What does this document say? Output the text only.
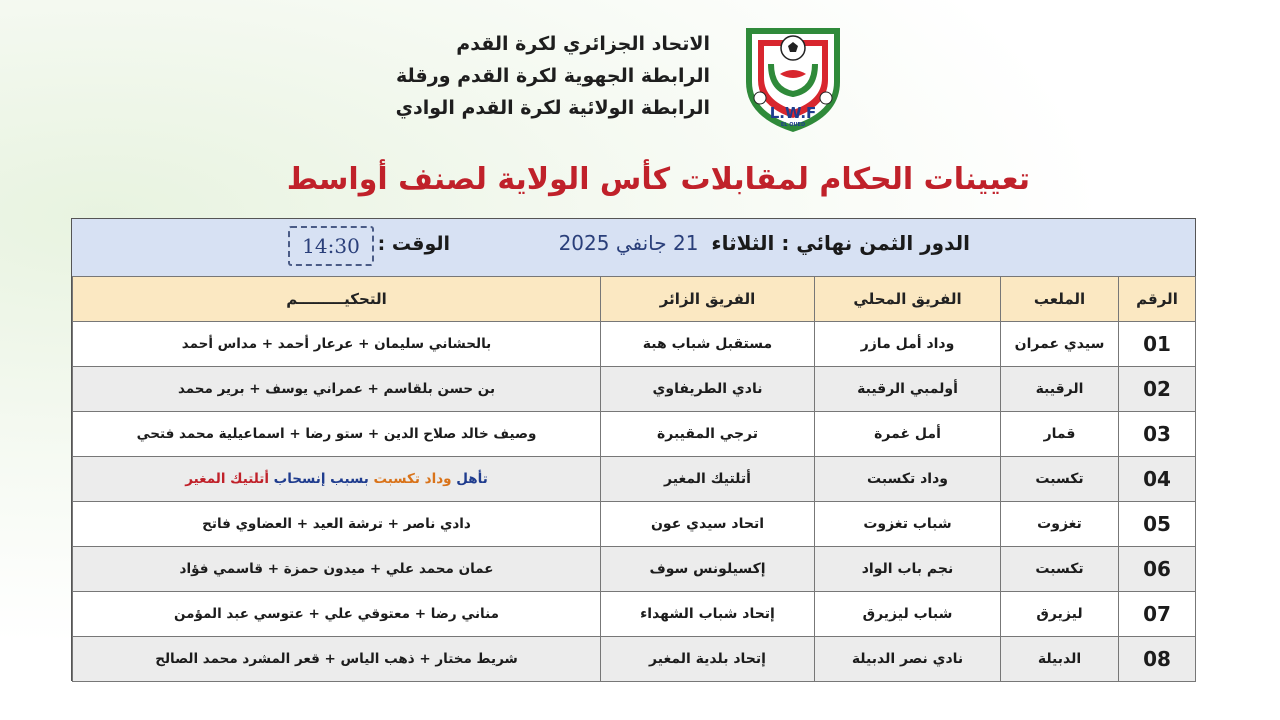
الاتحاد الجزائري لكرة القدم
الرابطة الجهوية لكرة القدم ورقلة
الرابطة الولائية لكرة القدم الوادي	L.W.F
EL OUED
تعيينات الحكام لمقابلات كأس الولاية لصنف أواسط
الدور الثمن نهائي : الثلاثاء 21 جانفي 2025
الوقت :
14:30
الرقم	الملعب	الفريق المحلي	الفريق الزائر	التحكيـــــــــم
01	سيدي عمران	وداد أمل مازر	مستقبل شباب هبة	بالحشاني سليمان + عرعار أحمد + مداس أحمد
02	الرقيبة	أولمبي الرقيبة	نادي الطريفاوي	بن حسن بلقاسم + عمراني يوسف + برير محمد
03	قمار	أمل غمرة	ترجي المقيبرة	وصيف خالد صلاح الدين + ستو رضا + اسماعيلية محمد فتحي
04	تكسبت	وداد تكسبت	أتلتيك المغير	تأهل وداد تكسبت بسبب إنسحاب أتلتيك المغير
05	تغزوت	شباب تغزوت	اتحاد سيدي عون	دادي ناصر + ترشة العيد + العضاوي فاتح
06	تكسبت	نجم باب الواد	إكسيلونس سوف	عمان محمد علي + ميدون حمزة + قاسمي فؤاد
07	ليزيرق	شباب ليزيرق	إتحاد شباب الشهداء	مناني رضا + معتوقي علي + عتوسي عبد المؤمن
08	الدبيلة	نادي نصر الدبيلة	إتحاد بلدية المغير	شريط مختار + ذهب الياس + قعر المشرد محمد الصالح
